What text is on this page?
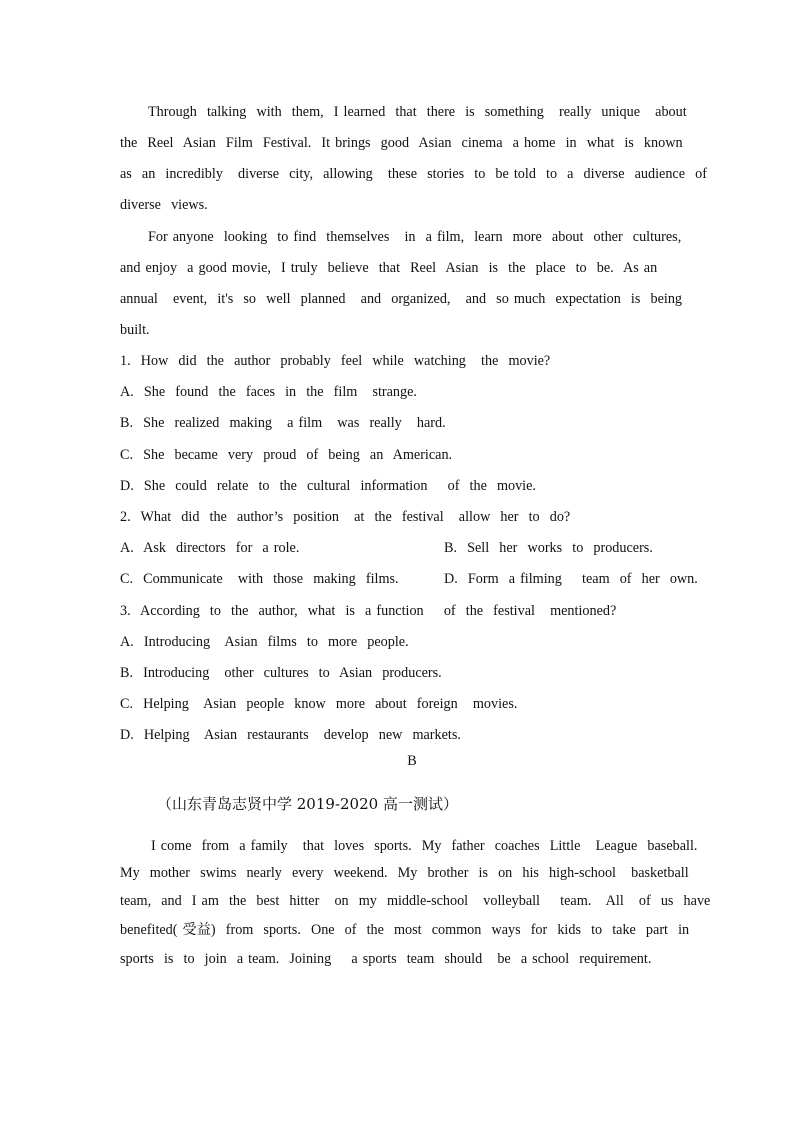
Through  talking  with  them,  I learned  that  there  is  something   really  unique   about
the  Reel  Asian  Film  Festival.  It brings  good  Asian  cinema  a home  in  what  is  known
as  an  incredibly   diverse  city,  allowing   these  stories  to  be told  to  a  diverse  audience  of
diverse  views.
For anyone  looking  to find  themselves   in  a film,  learn  more  about  other  cultures,
and enjoy  a good movie,  I truly  believe  that  Reel  Asian  is  the  place  to  be.  As an
annual   event,  it's  so  well  planned   and  organized,   and  so much  expectation  is  being
built.
1.  How  did  the  author  probably  feel  while  watching   the  movie?
A.  She  found  the  faces  in  the  film   strange.
B.  She  realized  making   a film   was  really   hard.
C.  She  became  very  proud  of  being  an  American.
D.  She  could  relate  to  the  cultural  information    of  the  movie.
2.  What  did  the  author’s  position   at  the  festival   allow  her  to  do?
A.  Ask  directors  for  a role.	B.  Sell  her  works  to  producers.
C.  Communicate   with  those  making  films.	D.  Form  a filming    team  of  her  own.
3.  According  to  the  author,  what  is  a function    of  the  festival   mentioned?
A.  Introducing   Asian  films  to  more  people.
B.  Introducing   other  cultures  to  Asian  producers.
C.  Helping   Asian  people  know  more  about  foreign   movies.
D.  Helping   Asian  restaurants   develop  new  markets.
B
（山东青岛志贤中学 2019-2020 高一测试）
I come  from  a family   that  loves  sports.  My  father  coaches  Little   League  baseball.
My  mother  swims  nearly  every  weekend.  My  brother  is  on  his  high-school   basketball
team,  and  I am  the  best  hitter   on  my  middle-school   volleyball    team.   All   of  us  have
benefited( 受益)  from  sports.  One  of  the  most  common  ways  for  kids  to  take  part  in
sports  is  to  join  a team.  Joining    a sports  team  should   be  a school  requirement.
